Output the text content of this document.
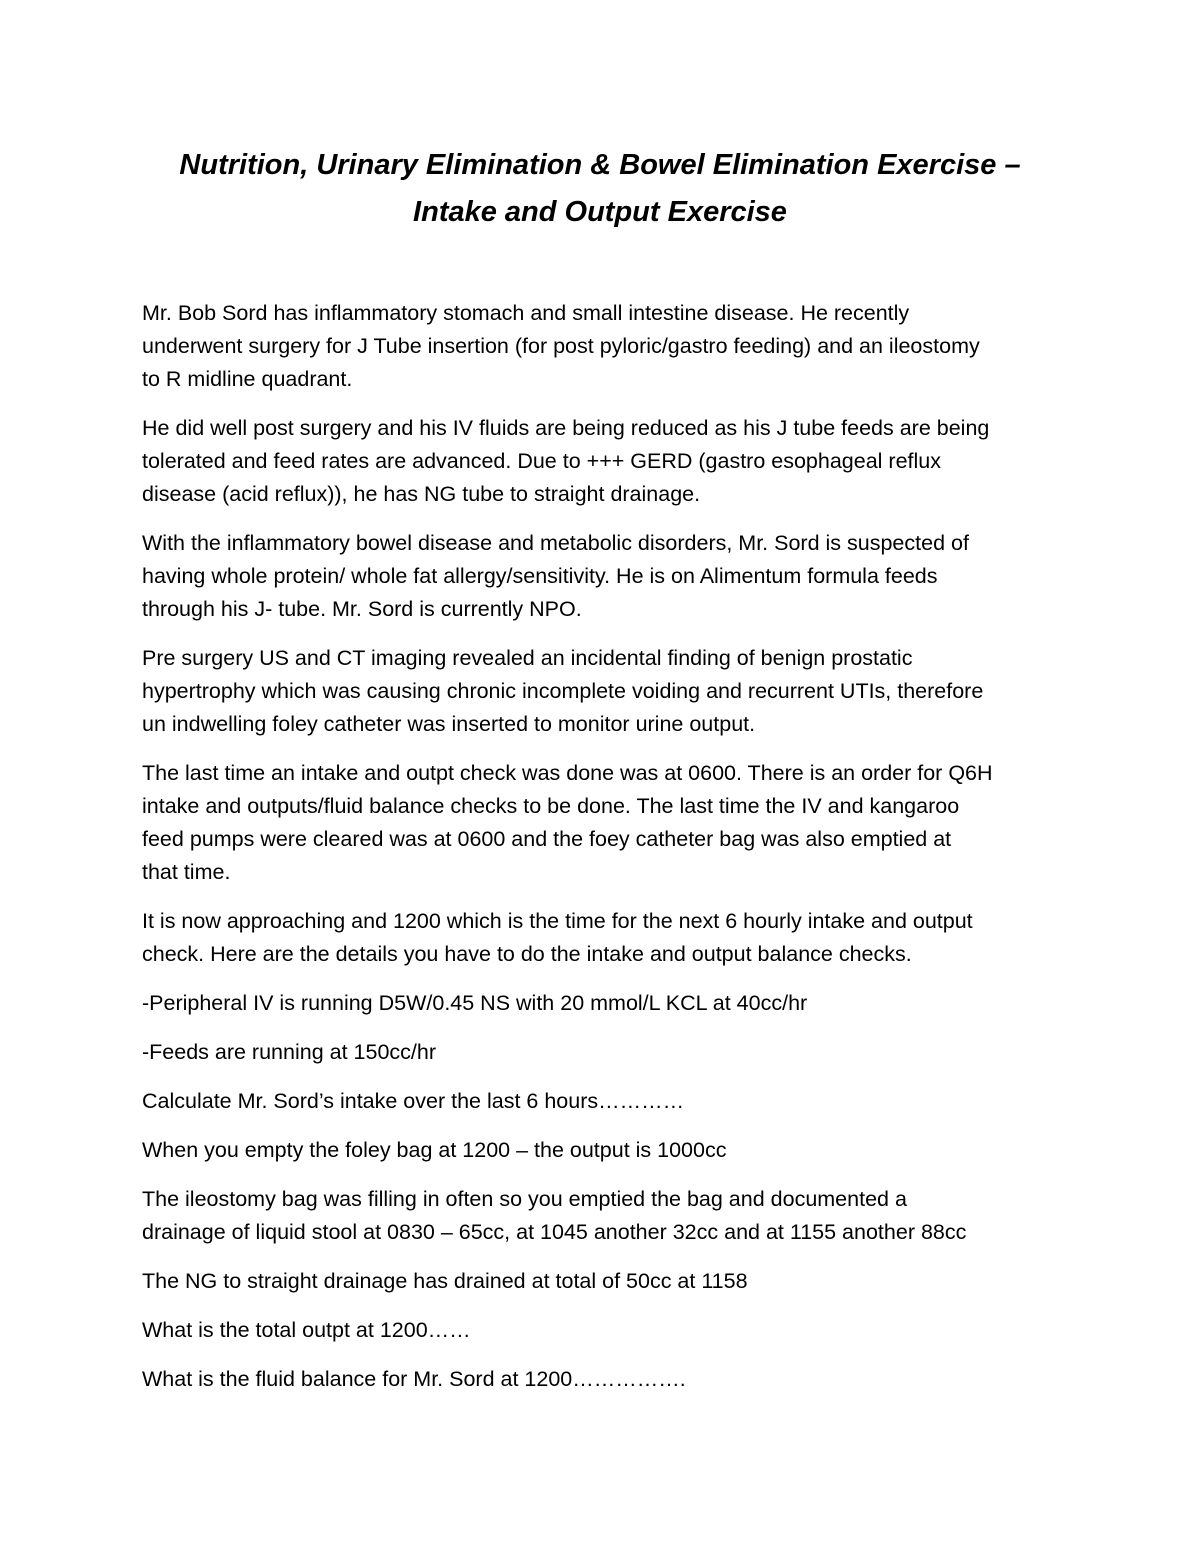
Nutrition, Urinary Elimination & Bowel Elimination Exercise –
Intake and Output Exercise

Mr. Bob Sord has inflammatory stomach and small intestine disease. He recently
underwent surgery for J Tube insertion (for post pyloric/gastro feeding) and an ileostomy
to R midline quadrant.

He did well post surgery and his IV fluids are being reduced as his J tube feeds are being
tolerated and feed rates are advanced. Due to +++ GERD (gastro esophageal reflux
disease (acid reflux)), he has NG tube to straight drainage.

With the inflammatory bowel disease and metabolic disorders, Mr. Sord is suspected of
having whole protein/ whole fat allergy/sensitivity. He is on Alimentum formula feeds
through his J- tube. Mr. Sord is currently NPO.

Pre surgery US and CT imaging revealed an incidental finding of benign prostatic
hypertrophy which was causing chronic incomplete voiding and recurrent UTIs, therefore
un indwelling foley catheter was inserted to monitor urine output.

The last time an intake and outpt check was done was at 0600. There is an order for Q6H
intake and outputs/fluid balance checks to be done. The last time the IV and kangaroo
feed pumps were cleared was at 0600 and the foey catheter bag was also emptied at
that time.

It is now approaching and 1200 which is the time for the next 6 hourly intake and output
check. Here are the details you have to do the intake and output balance checks.

-Peripheral IV is running D5W/0.45 NS with 20 mmol/L KCL at 40cc/hr

-Feeds are running at 150cc/hr

Calculate Mr. Sord’s intake over the last 6 hours…………

When you empty the foley bag at 1200 – the output is 1000cc

The ileostomy bag was filling in often so you emptied the bag and documented a
drainage of liquid stool at 0830 – 65cc, at 1045 another 32cc and at 1155 another 88cc

The NG to straight drainage has drained at total of 50cc at 1158

What is the total outpt at 1200……

What is the fluid balance for Mr. Sord at 1200…………….
